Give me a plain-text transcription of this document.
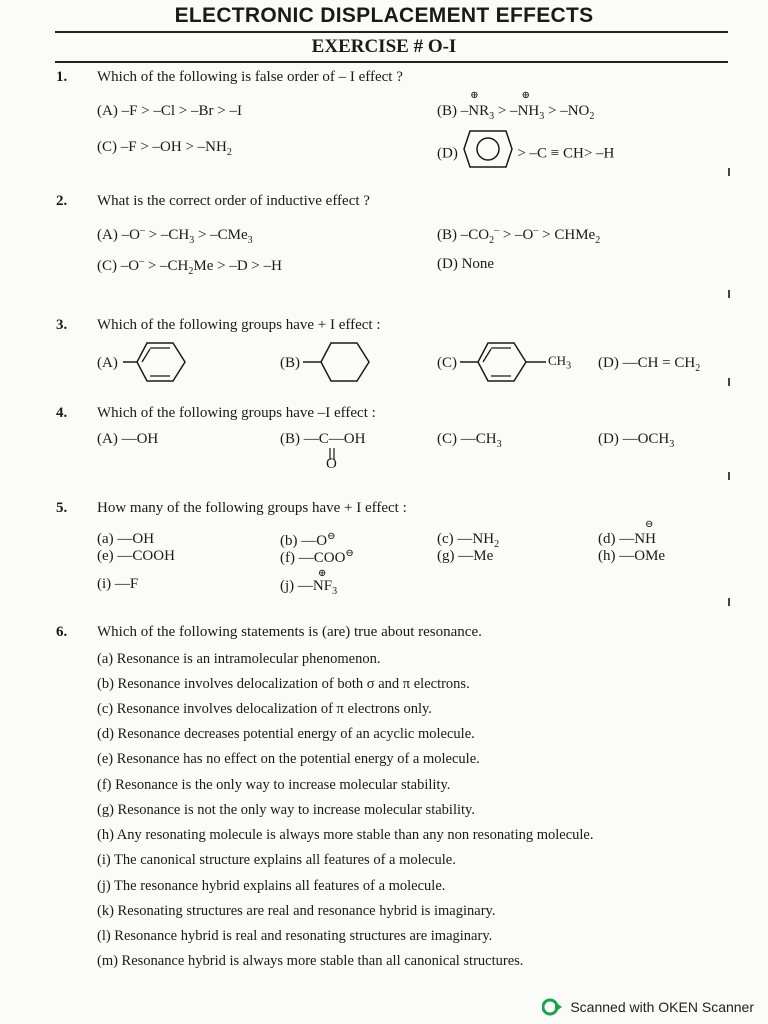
ELECTRONIC DISPLACEMENT EFFECTS
EXERCISE # O-I
1. Which of the following is false order of – I effect ?
(A) –F > –Cl > –Br > –I	(B) –
⊕
$NR_3$ > –
⊕
$NH_3 > -NO_2$
(C) $-F > -OH > -NH_2$	(D)	> –C ≡ CH> –H
2. What is the correct order of inductive effect ?
(A) $-O^- > -CH_3 > -CMe_3$	(B) $-CO_2^- > -O^-$ > CHMe$_2$
(C) $-O^- > -CH_2Me > -D > -H$	(D) None
3. Which of the following groups have + I effect :
(A)	(B)	(C)	$CH_3$ (D) —CH = $CH_2$
4. Which of the following groups have –I effect :
(A) —OH	(B) —C—OH
O
(C) $—CH_3$	(D) $—OCH_3$
5. How many of the following groups have + I effect :
(a) —OH	(b) —O⊖	(c) $—NH_2$	(d) —NH
⊖
(e) —COOH	(f) —COO⊖	(g) —Me	(h) —OMe
(i) —F	(j) $—NF_3$
⊕
6. Which of the following statements is (are) true about resonance.
(a) Resonance is an intramolecular phenomenon.
(b) Resonance involves delocalization of both σ and π electrons.
(c) Resonance involves delocalization of π electrons only.
(d) Resonance decreases potential energy of an acyclic molecule.
(e) Resonance has no effect on the potential energy of a molecule.
(f) Resonance is the only way to increase molecular stability.
(g) Resonance is not the only way to increase molecular stability.
(h) Any resonating molecule is always more stable than any non resonating molecule.
(i) The canonical structure explains all features of a molecule.
(j) The resonance hybrid explains all features of a molecule.
(k) Resonating structures are real and resonance hybrid is imaginary.
(l) Resonance hybrid is real and resonating structures are imaginary.
(m) Resonance hybrid is always more stable than all canonical structures.
Scanned with OKEN Scanner
